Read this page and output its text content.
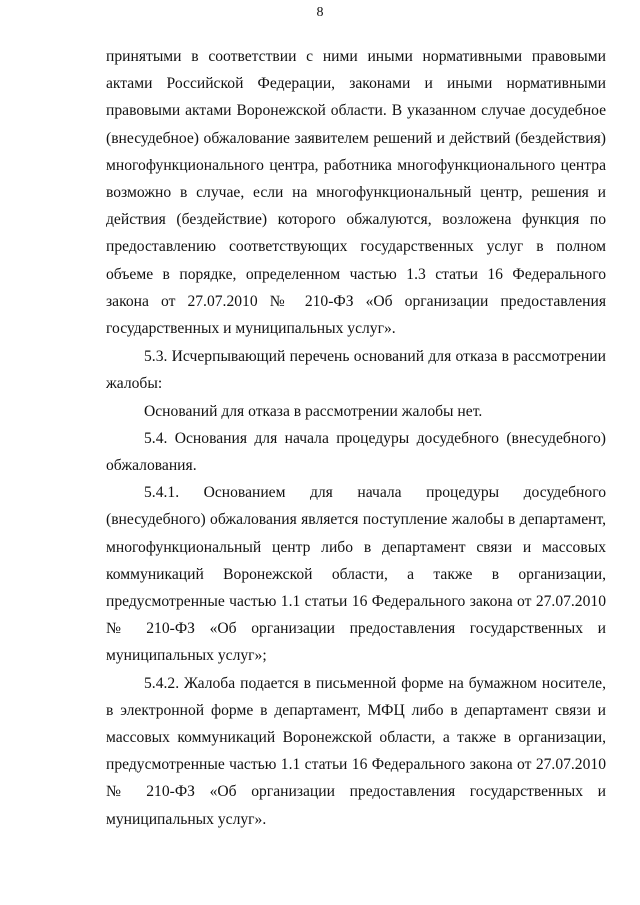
8

принятыми в соответствии с ними иными нормативными правовыми актами Российской Федерации, законами и иными нормативными правовыми актами Воронежской области. В указанном случае досудебное (внесудебное) обжалование заявителем решений и действий (бездействия) многофункционального центра, работника многофункционального центра возможно в случае, если на многофункциональный центр, решения и действия (бездействие) которого обжалуются, возложена функция по предоставлению соответствующих государственных услуг в полном объеме в порядке, определенном частью 1.3 статьи 16 Федерального закона от 27.07.2010 № 210-ФЗ «Об организации предоставления государственных и муниципальных услуг».

5.3. Исчерпывающий перечень оснований для отказа в рассмотрении жалобы:

Оснований для отказа в рассмотрении жалобы нет.

5.4. Основания для начала процедуры досудебного (внесудебного) обжалования.

5.4.1. Основанием для начала процедуры досудебного (внесудебного) обжалования является поступление жалобы в департамент, многофункциональный центр либо в департамент связи и массовых коммуникаций Воронежской области, а также в организации, предусмотренные частью 1.1 статьи 16 Федерального закона от 27.07.2010 № 210-ФЗ «Об организации предоставления государственных и муниципальных услуг»;

5.4.2. Жалоба подается в письменной форме на бумажном носителе, в электронной форме в департамент, МФЦ либо в департамент связи и массовых коммуникаций Воронежской области, а также в организации, предусмотренные частью 1.1 статьи 16 Федерального закона от 27.07.2010 № 210-ФЗ «Об организации предоставления государственных и муниципальных услуг».
